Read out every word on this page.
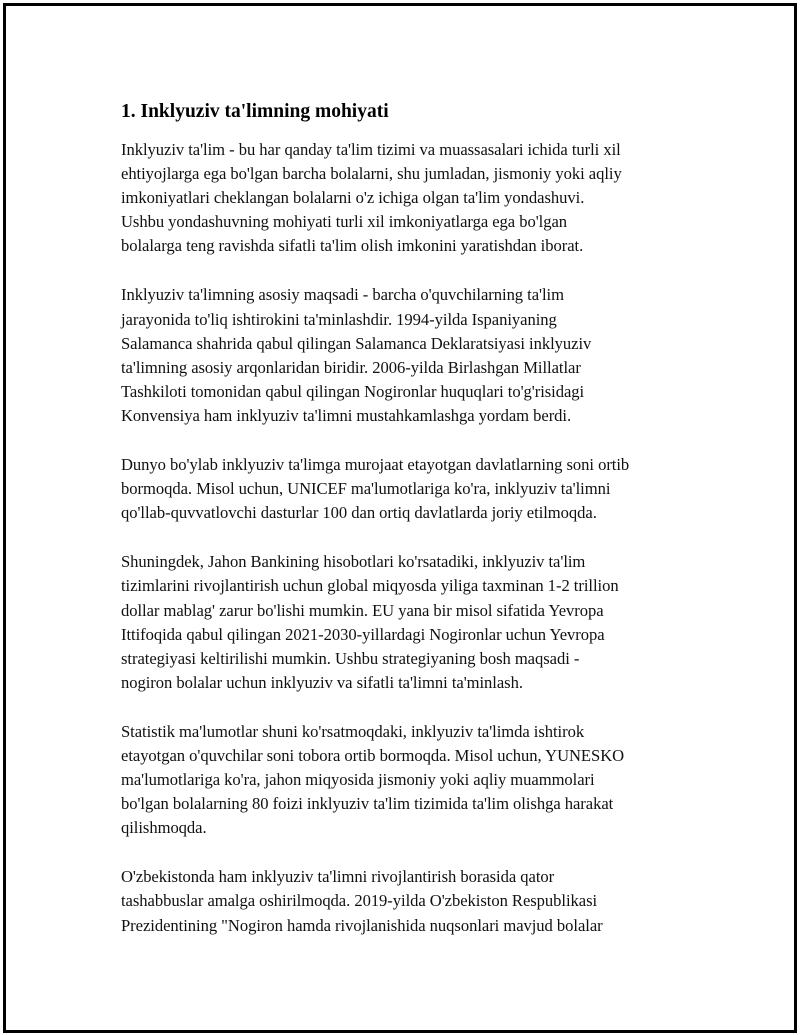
1. Inklyuziv ta'limning mohiyati

Inklyuziv ta'lim - bu har qanday ta'lim tizimi va muassasalari ichida turli xil
ehtiyojlarga ega bo'lgan barcha bolalarni, shu jumladan, jismoniy yoki aqliy
imkoniyatlari cheklangan bolalarni o'z ichiga olgan ta'lim yondashuvi.
Ushbu yondashuvning mohiyati turli xil imkoniyatlarga ega bo'lgan
bolalarga teng ravishda sifatli ta'lim olish imkonini yaratishdan iborat.

Inklyuziv ta'limning asosiy maqsadi - barcha o'quvchilarning ta'lim
jarayonida to'liq ishtirokini ta'minlashdir. 1994-yilda Ispaniyaning
Salamanca shahrida qabul qilingan Salamanca Deklaratsiyasi inklyuziv
ta'limning asosiy arqonlaridan biridir. 2006-yilda Birlashgan Millatlar
Tashkiloti tomonidan qabul qilingan Nogironlar huquqlari to'g'risidagi
Konvensiya ham inklyuziv ta'limni mustahkamlashga yordam berdi.

Dunyo bo'ylab inklyuziv ta'limga murojaat etayotgan davlatlarning soni ortib
bormoqda. Misol uchun, UNICEF ma'lumotlariga ko'ra, inklyuziv ta'limni
qo'llab-quvvatlovchi dasturlar 100 dan ortiq davlatlarda joriy etilmoqda.

Shuningdek, Jahon Bankining hisobotlari ko'rsatadiki, inklyuziv ta'lim
tizimlarini rivojlantirish uchun global miqyosda yiliga taxminan 1-2 trillion
dollar mablag' zarur bo'lishi mumkin. EU yana bir misol sifatida Yevropa
Ittifoqida qabul qilingan 2021-2030-yillardagi Nogironlar uchun Yevropa
strategiyasi keltirilishi mumkin. Ushbu strategiyaning bosh maqsadi -
nogiron bolalar uchun inklyuziv va sifatli ta'limni ta'minlash.

Statistik ma'lumotlar shuni ko'rsatmoqdaki, inklyuziv ta'limda ishtirok
etayotgan o'quvchilar soni tobora ortib bormoqda. Misol uchun, YUNESKO
ma'lumotlariga ko'ra, jahon miqyosida jismoniy yoki aqliy muammolari
bo'lgan bolalarning 80 foizi inklyuziv ta'lim tizimida ta'lim olishga harakat
qilishmoqda.

O'zbekistonda ham inklyuziv ta'limni rivojlantirish borasida qator
tashabbuslar amalga oshirilmoqda. 2019-yilda O'zbekiston Respublikasi
Prezidentining "Nogiron hamda rivojlanishida nuqsonlari mavjud bolalar
